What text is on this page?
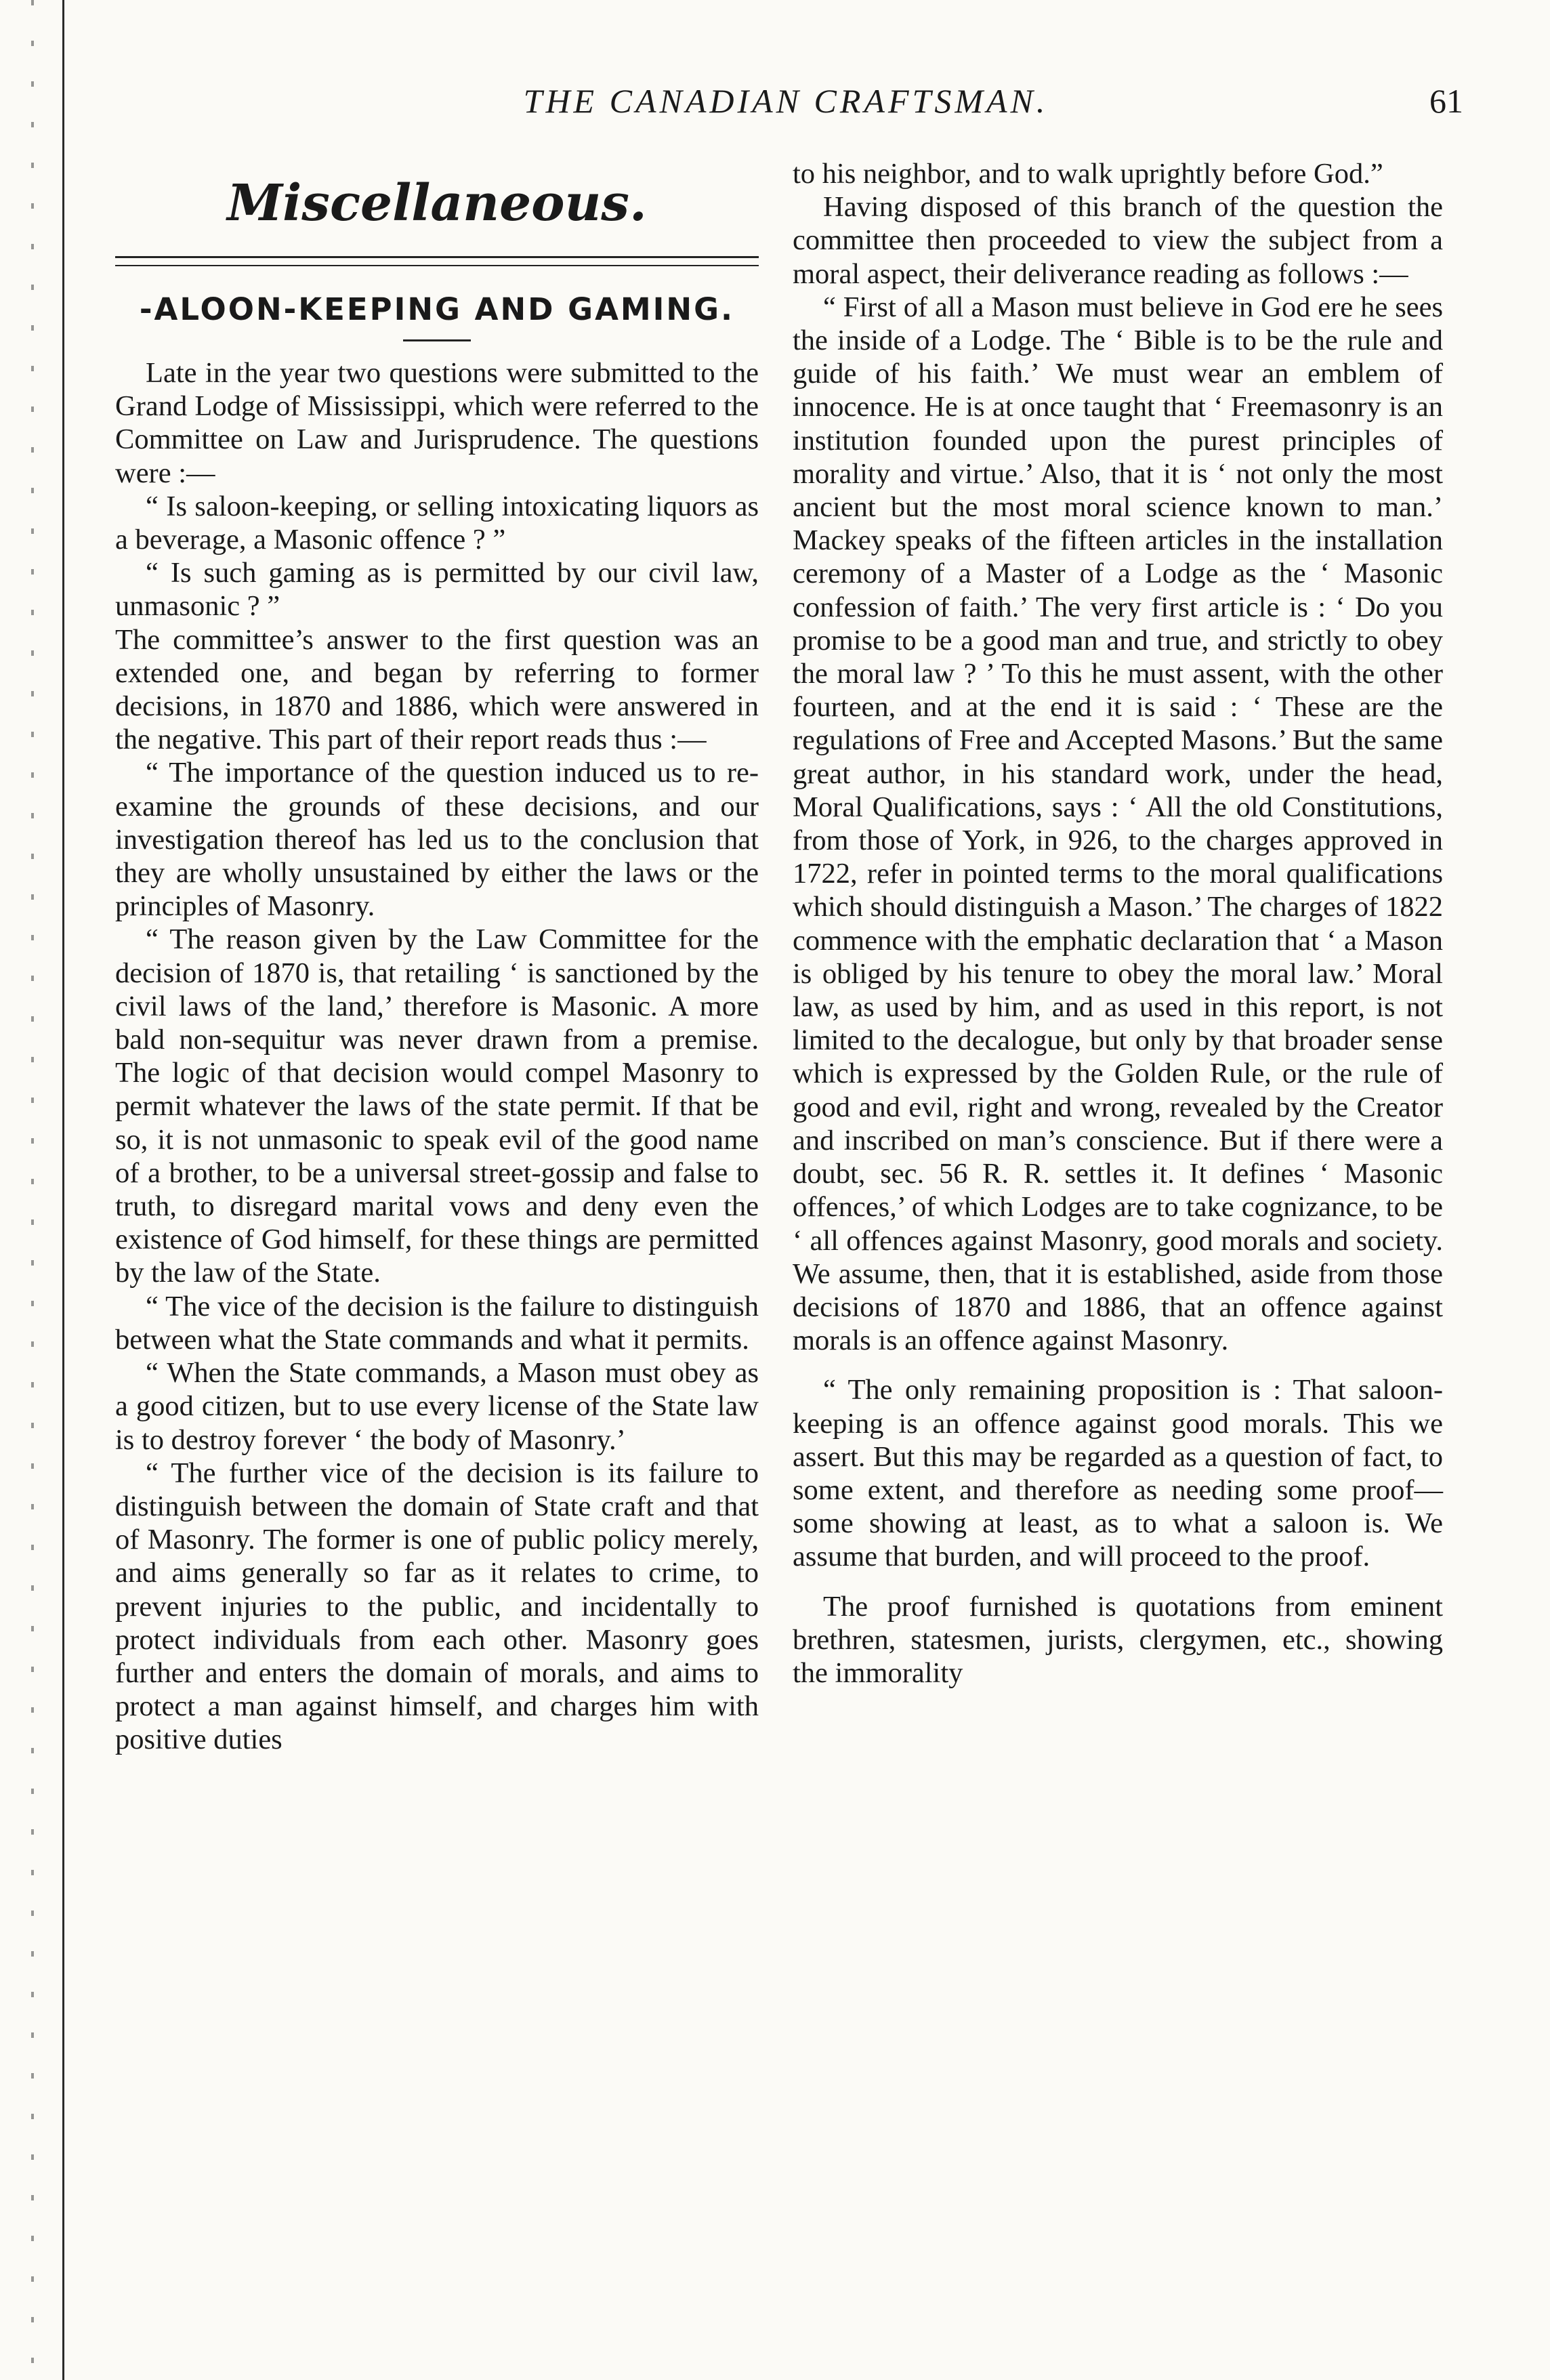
THE CANADIAN CRAFTSMAN.	61
Miscellaneous.
-ALOON-KEEPING AND GAMING.

Late in the year two questions were submitted to the Grand Lodge of Mississippi, which were referred to the Committee on Law and Jurisprudence. The questions were :—

“ Is saloon-keeping, or selling intoxicating liquors as a beverage, a Masonic offence ? ”

“ Is such gaming as is permitted by our civil law, unmasonic ? ”

The committee’s answer to the first question was an extended one, and began by referring to former decisions, in 1870 and 1886, which were answered in the negative. This part of their report reads thus :—

“ The importance of the question induced us to re-examine the grounds of these decisions, and our investigation thereof has led us to the conclusion that they are wholly unsustained by either the laws or the principles of Masonry.

“ The reason given by the Law Committee for the decision of 1870 is, that retailing ‘ is sanctioned by the civil laws of the land,’ therefore is Masonic. A more bald non-sequitur was never drawn from a premise. The logic of that decision would compel Masonry to permit whatever the laws of the state permit. If that be so, it is not unmasonic to speak evil of the good name of a brother, to be a universal street-gossip and false to truth, to disregard marital vows and deny even the existence of God himself, for these things are permitted by the law of the State.

“ The vice of the decision is the failure to distinguish between what the State commands and what it permits.

“ When the State commands, a Mason must obey as a good citizen, but to use every license of the State law is to destroy forever ‘ the body of Masonry.’

“ The further vice of the decision is its failure to distinguish between the domain of State craft and that of Masonry. The former is one of public policy merely, and aims generally so far as it relates to crime, to prevent injuries to the public, and incidentally to protect individuals from each other. Masonry goes further and enters the domain of morals, and aims to protect a man against himself, and charges him with positive duties

to his neighbor, and to walk uprightly before God.”

Having disposed of this branch of the question the committee then proceeded to view the subject from a moral aspect, their deliverance reading as follows :—

“ First of all a Mason must believe in God ere he sees the inside of a Lodge. The ‘ Bible is to be the rule and guide of his faith.’ We must wear an emblem of innocence. He is at once taught that ‘ Freemasonry is an institution founded upon the purest principles of morality and virtue.’ Also, that it is ‘ not only the most ancient but the most moral science known to man.’ Mackey speaks of the fifteen articles in the installation ceremony of a Master of a Lodge as the ‘ Masonic confession of faith.’ The very first article is : ‘ Do you promise to be a good man and true, and strictly to obey the moral law ? ’ To this he must assent, with the other fourteen, and at the end it is said : ‘ These are the regulations of Free and Accepted Masons.’ But the same great author, in his standard work, under the head, Moral Qualifications, says : ‘ All the old Constitutions, from those of York, in 926, to the charges approved in 1722, refer in pointed terms to the moral qualifications which should distinguish a Mason.’ The charges of 1822 commence with the emphatic declaration that ‘ a Mason is obliged by his tenure to obey the moral law.’ Moral law, as used by him, and as used in this report, is not limited to the decalogue, but only by that broader sense which is expressed by the Golden Rule, or the rule of good and evil, right and wrong, revealed by the Creator and inscribed on man’s conscience. But if there were a doubt, sec. 56 R. R. settles it. It defines ‘ Masonic offences,’ of which Lodges are to take cognizance, to be ‘ all offences against Masonry, good morals and society. We assume, then, that it is established, aside from those decisions of 1870 and 1886, that an offence against morals is an offence against Masonry.

“ The only remaining proposition is : That saloon-keeping is an offence against good morals. This we assert. But this may be regarded as a question of fact, to some extent, and therefore as needing some proof—some showing at least, as to what a saloon is. We assume that burden, and will proceed to the proof.

The proof furnished is quotations from eminent brethren, statesmen, jurists, clergymen, etc., showing the immorality
